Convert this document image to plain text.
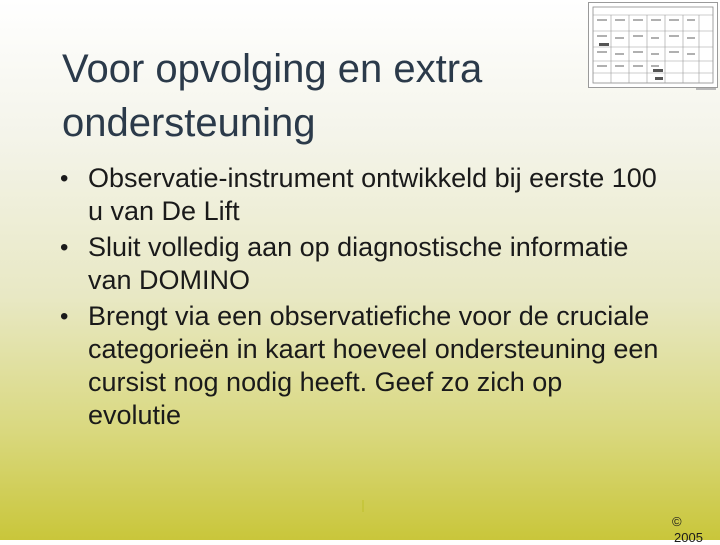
Voor opvolging en extra ondersteuning
• Observatie-instrument ontwikkeld bij eerste 100 u van De Lift
• Sluit volledig aan op diagnostische informatie van DOMINO
• Brengt via een observatiefiche voor de cruciale categorieën in kaart hoeveel ondersteuning een cursist nog nodig heeft. Geef zo zich op evolutie
©
2005
